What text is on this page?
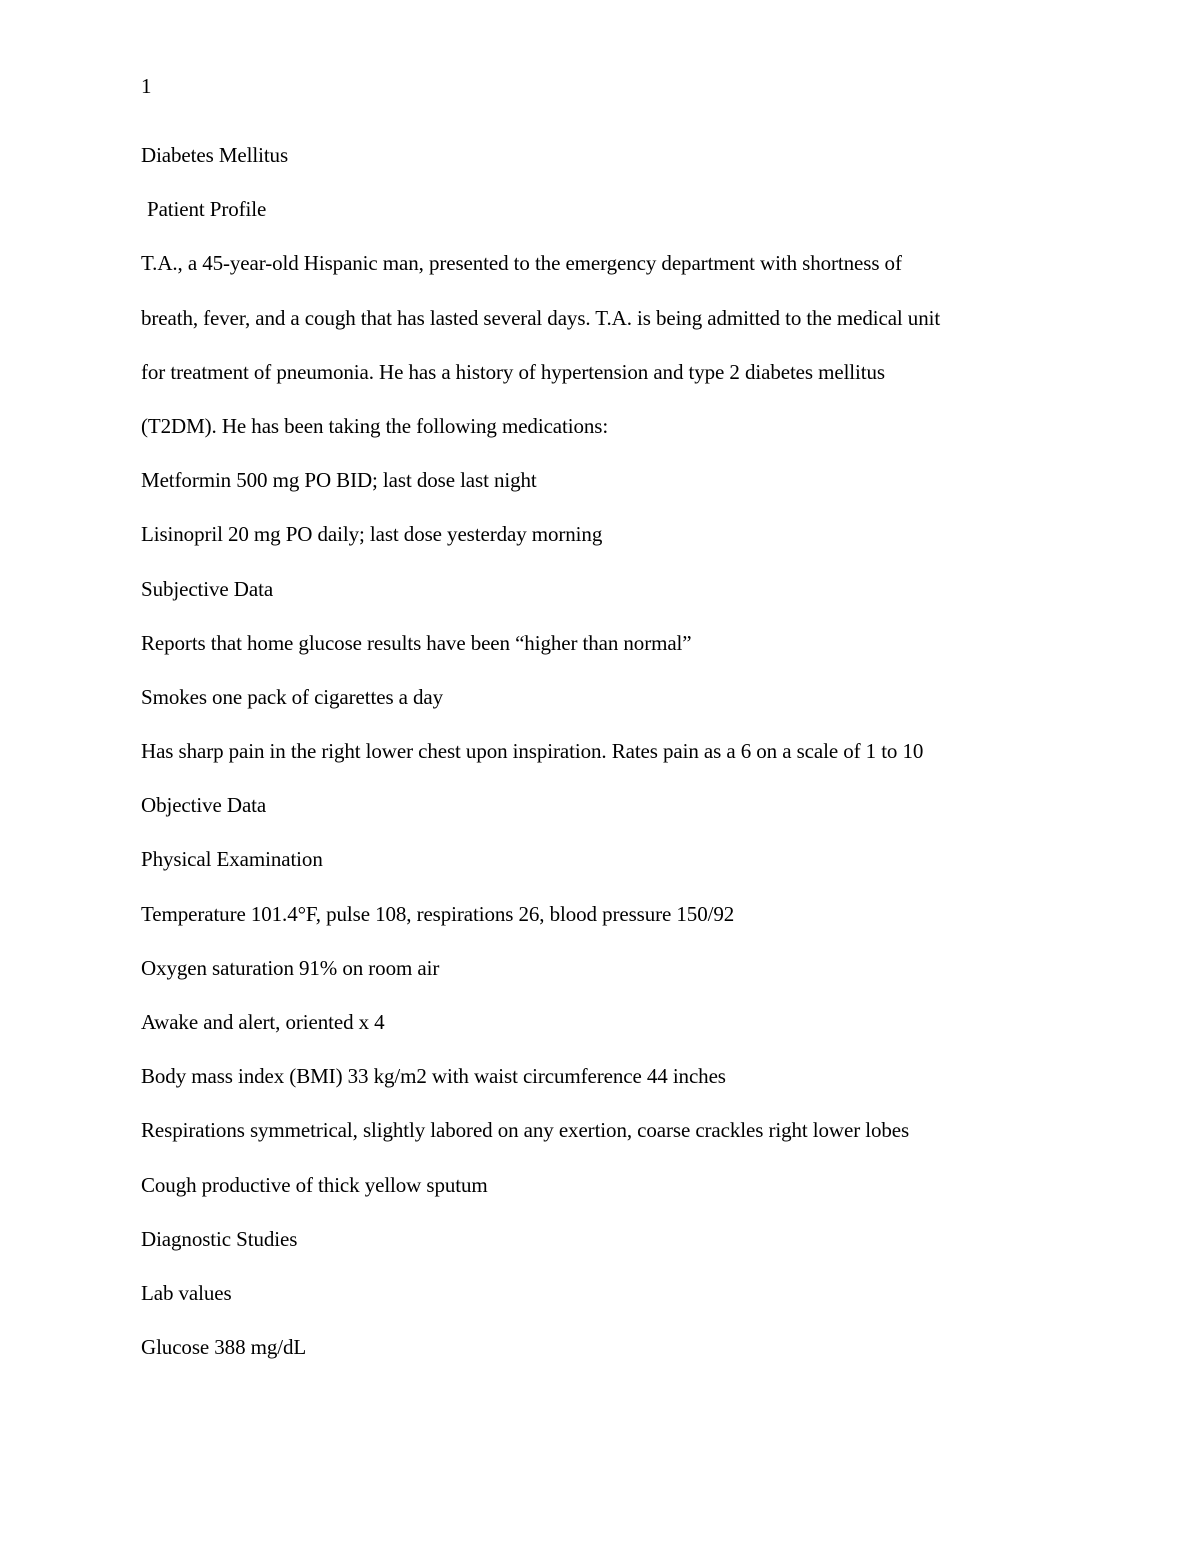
1
Diabetes Mellitus
Patient Profile
T.A., a 45-year-old Hispanic man, presented to the emergency department with shortness of
breath, fever, and a cough that has lasted several days. T.A. is being admitted to the medical unit
for treatment of pneumonia. He has a history of hypertension and type 2 diabetes mellitus
(T2DM). He has been taking the following medications:
Metformin 500 mg PO BID; last dose last night
Lisinopril 20 mg PO daily; last dose yesterday morning
Subjective Data
Reports that home glucose results have been “higher than normal”
Smokes one pack of cigarettes a day
Has sharp pain in the right lower chest upon inspiration. Rates pain as a 6 on a scale of 1 to 10
Objective Data
Physical Examination
Temperature 101.4°F, pulse 108, respirations 26, blood pressure 150/92
Oxygen saturation 91% on room air
Awake and alert, oriented x 4
Body mass index (BMI) 33 kg/m2 with waist circumference 44 inches
Respirations symmetrical, slightly labored on any exertion, coarse crackles right lower lobes
Cough productive of thick yellow sputum
Diagnostic Studies
Lab values
Glucose 388 mg/dL
